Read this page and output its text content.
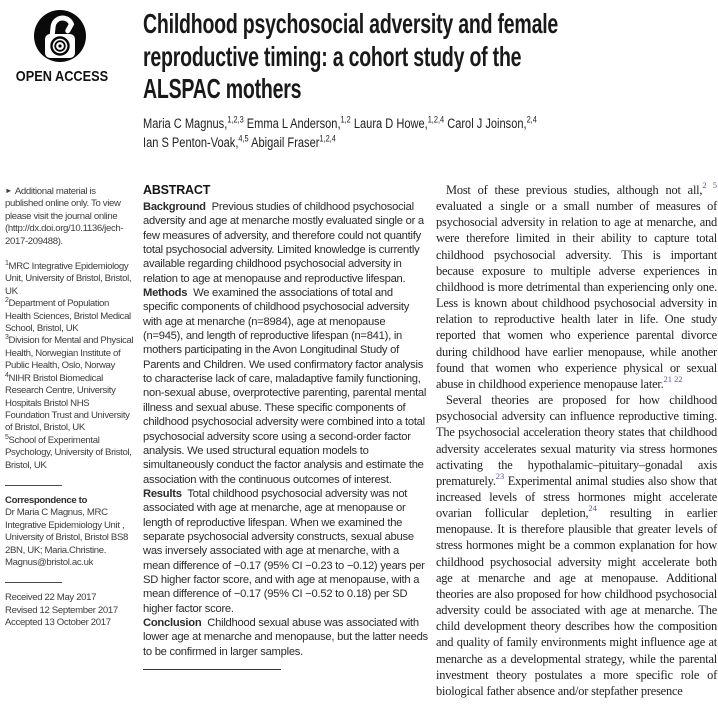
OPEN ACCESS
Childhood psychosocial adversity and female
reproductive timing: a cohort study of the
ALSPAC mothers
Maria C Magnus,$^{1,2,3}$ Emma L Anderson,$^{1,2}$ Laura D Howe,$^{1,2,4}$ Carol J Joinson,$^{2,4}$
Ian S Penton-Voak,$^{4,5}$ Abigail Fraser$^{1,2,4}$

► Additional material is published online only. To view please visit the journal online (http://dx.doi.org/10.1136/jech-2017-209488).

$^1$MRC Integrative Epidemiology Unit, University of Bristol, Bristol, UK
$^2$Department of Population Health Sciences, Bristol Medical School, Bristol, UK
$^3$Division for Mental and Physical Health, Norwegian Institute of Public Health, Oslo, Norway
$^4$NIHR Bristol Biomedical Research Centre, University Hospitals Bristol NHS Foundation Trust and University of Bristol, Bristol, UK
$^5$School of Experimental Psychology, University of Bristol, Bristol, UK
Correspondence to
Dr Maria C Magnus, MRC Integrative Epidemiology Unit , University of Bristol, Bristol BS8 2BN, UK; Maria.Christine. Magnus@bristol.ac.uk
Received 22 May 2017
Revised 12 September 2017
Accepted 13 October 2017
ABSTRACT
Background Previous studies of childhood psychosocial adversity and age at menarche mostly evaluated single or a few measures of adversity, and therefore could not quantify total psychosocial adversity. Limited knowledge is currently available regarding childhood psychosocial adversity in relation to age at menopause and reproductive lifespan.
Methods We examined the associations of total and specific components of childhood psychosocial adversity with age at menarche (n=8984), age at menopause (n=945), and length of reproductive lifespan (n=841), in mothers participating in the Avon Longitudinal Study of Parents and Children. We used confirmatory factor analysis to characterise lack of care, maladaptive family functioning, non-sexual abuse, overprotective parenting, parental mental illness and sexual abuse. These specific components of childhood psychosocial adversity were combined into a total psychosocial adversity score using a second-order factor analysis. We used structural equation models to simultaneously conduct the factor analysis and estimate the association with the continuous outcomes of interest.
Results Total childhood psychosocial adversity was not associated with age at menarche, age at menopause or length of reproductive lifespan. When we examined the separate psychosocial adversity constructs, sexual abuse was inversely associated with age at menarche, with a mean difference of −0.17 (95% CI −0.23 to −0.12) years per SD higher factor score, and with age at menopause, with a mean difference of −0.17 (95% CI −0.52 to 0.18) per SD higher factor score.
Conclusion Childhood sexual abuse was associated with lower age at menarche and menopause, but the latter needs to be confirmed in larger samples.

Most of these previous studies, although not all,$^{2 5}$ evaluated a single or a small number of measures of psychosocial adversity in relation to age at menarche, and were therefore limited in their ability to capture total childhood psychosocial adversity. This is important because exposure to multiple adverse experiences in childhood is more detrimental than experiencing only one. Less is known about childhood psychosocial adversity in relation to reproductive health later in life. One study reported that women who experience parental divorce during childhood have earlier menopause, while another found that women who experience physical or sexual abuse in childhood experience menopause later.$^{21 22}$

Several theories are proposed for how childhood psychosocial adversity can influence reproductive timing. The psychosocial acceleration theory states that childhood adversity accelerates sexual maturity via stress hormones activating the hypothalamic–pituitary–gonadal axis prematurely.$^{23}$ Experimental animal studies also show that increased levels of stress hormones might accelerate ovarian follicular depletion,$^{24}$ resulting in earlier menopause. It is therefore plausible that greater levels of stress hormones might be a common explanation for how childhood psychosocial adversity might accelerate both age at menarche and age at menopause. Additional theories are also proposed for how childhood psychosocial adversity could be associated with age at menarche. The child development theory describes how the composition and quality of family environments might influence age at menarche as a developmental strategy, while the parental investment theory postulates a more specific role of biological father absence and/or stepfather presence
